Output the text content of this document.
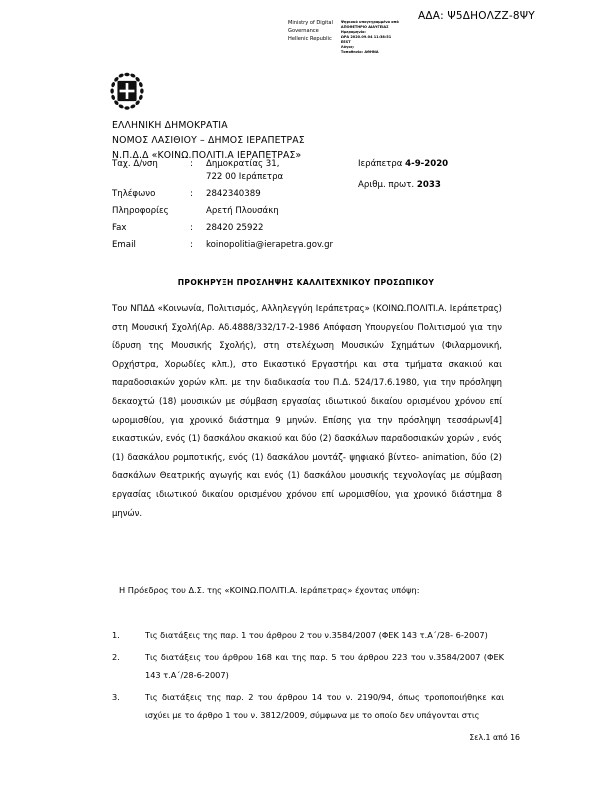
ΑΔΑ: Ψ5ΔΗΟΛΖΖ-8ΨΥ
Ministry of Digital
Governance
Hellenic Republic
Ψηφιακά υπογεγραμμένο από
ΑΠΟΘΕΤΗΡΙΟ ΔΙΑΥΓΕΙΑΣ
Ημερομηνία:
ΩΡΑ 2020.09.04 11:38:51
EEST
Λόγος:
Τοποθεσία: ΑΘΗΝΑ
ΕΛΛΗΝΙΚΗ ΔΗΜΟΚΡΑΤΙΑ
ΝΟΜΟΣ ΛΑΣΙΘΙΟΥ – ΔΗΜΟΣ ΙΕΡΑΠΕΤΡΑΣ
Ν.Π.Δ.Δ «ΚΟΙΝΩ.ΠΟΛΙΤΙ.Α ΙΕΡΑΠΕΤΡΑΣ»
Ταχ. Δ/νση	:	Δημοκρατίας 31,
722 00 Ιεράπετρα

Τηλέφωνο	:	2842340389
Πληροφορίες		Αρετή Πλουσάκη
Fax	:	28420 25922
Email	:	koinopolitia@ierapetra.gov.gr
Ιεράπετρα 4-9-2020
Αριθμ. πρωτ. 2033
ΠΡΟΚΗΡΥΞΗ ΠΡΟΣΛΗΨΗΣ ΚΑΛΛΙΤΕΧΝΙΚΟΥ ΠΡΟΣΩΠΙΚΟΥ

Του ΝΠΔΔ «Κοινωνία, Πολιτισμός, Αλληλεγγύη Ιεράπετρας» (ΚΟΙΝΩ.ΠΟΛΙΤΙ.Α. Ιεράπετρας) στη Μουσική Σχολή(Αρ. Αδ.4888/332/17-2-1986 Απόφαση Υπουργείου Πολιτισμού για την ίδρυση της Μουσικής Σχολής), στη στελέχωση Μουσικών Σχημάτων (Φιλαρμονική, Ορχήστρα, Χορωδίες κλπ.), στο Εικαστικό Εργαστήρι και στα τμήματα σκακιού και παραδοσιακών χορών κλπ. με την διαδικασία του Π.Δ. 524/17.6.1980, για την πρόσληψη δεκαοχτώ (18) μουσικών με σύμβαση εργασίας ιδιωτικού δικαίου ορισμένου χρόνου επί ωρομισθίου, για χρονικό διάστημα 9 μηνών. Επίσης για την πρόσληψη τεσσάρων[4] εικαστικών, ενός (1) δασκάλου σκακιού και δύο (2) δασκάλων παραδοσιακών χορών , ενός (1) δασκάλου ρομποτικής, ενός (1) δασκάλου μοντάζ- ψηφιακό βίντεο- animation, δύο (2) δασκάλων Θεατρικής αγωγής και ενός (1) δασκάλου μουσικής τεχνολογίας με σύμβαση εργασίας ιδιωτικού δικαίου ορισμένου χρόνου επί ωρομισθίου, για χρονικό διάστημα 8 μηνών.

Η Πρόεδρος του Δ.Σ. της «ΚΟΙΝΩ.ΠΟΛΙΤΙ.Α. Ιεράπετρας» έχοντας υπόψη:
1.	Τις διατάξεις της παρ. 1 του άρθρου 2 του ν.3584/2007 (ΦΕΚ 143 τ.Α΄/28- 6-2007)
2.	Τις διατάξεις του άρθρου 168 και της παρ. 5 του άρθρου 223 του ν.3584/2007 (ΦΕΚ 143 τ.Α΄/28-6-2007)
3.	Τις διατάξεις της παρ. 2 του άρθρου 14 του ν. 2190/94, όπως τροποποιήθηκε και ισχύει με το άρθρο 1 του ν. 3812/2009, σύμφωνα με το οποίο δεν υπάγονται στις
Σελ.1 από 16
